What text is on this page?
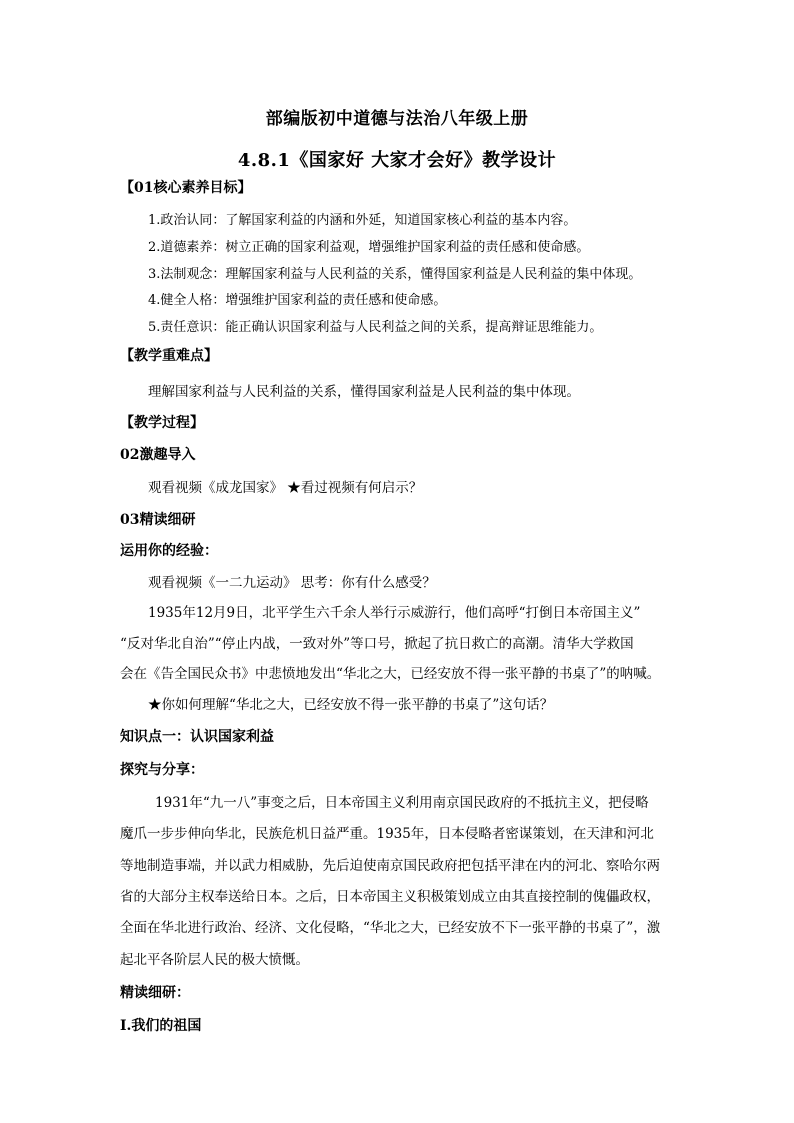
部编版初中道德与法治八年级上册
4.8.1《国家好 大家才会好》教学设计
【01核心素养目标】
1.政治认同：了解国家利益的内涵和外延，知道国家核心利益的基本内容。
2.道德素养：树立正确的国家利益观，增强维护国家利益的责任感和使命感。
3.法制观念：理解国家利益与人民利益的关系，懂得国家利益是人民利益的集中体现。
4.健全人格：增强维护国家利益的责任感和使命感。
5.责任意识：能正确认识国家利益与人民利益之间的关系，提高辩证思维能力。
【教学重难点】
理解国家利益与人民利益的关系，懂得国家利益是人民利益的集中体现。
【教学过程】
02激趣导入
观看视频《成龙国家》 ★看过视频有何启示？
03精读细研
运用你的经验：
观看视频《一二九运动》 思考：你有什么感受？
1935年12月9日，北平学生六千余人举行示威游行，他们高呼“打倒日本帝国主义”
“反对华北自治”“停止内战，一致对外”等口号，掀起了抗日救亡的高潮。清华大学救国
会在《告全国民众书》中悲愤地发出“华北之大，已经安放不得一张平静的书桌了”的呐喊。
★你如何理解“华北之大，已经安放不得一张平静的书桌了”这句话？
知识点一：认识国家利益
探究与分享：
1931年“九一八”事变之后，日本帝国主义利用南京国民政府的不抵抗主义，把侵略
魔爪一步步伸向华北，民族危机日益严重。1935年，日本侵略者密谋策划，在天津和河北
等地制造事端，并以武力相威胁，先后迫使南京国民政府把包括平津在内的河北、察哈尔两
省的大部分主权奉送给日本。之后，日本帝国主义积极策划成立由其直接控制的傀儡政权，
全面在华北进行政治、经济、文化侵略，“华北之大，已经安放不下一张平静的书桌了”，激
起北平各阶层人民的极大愤慨。
精读细研：
Ⅰ.我们的祖国
